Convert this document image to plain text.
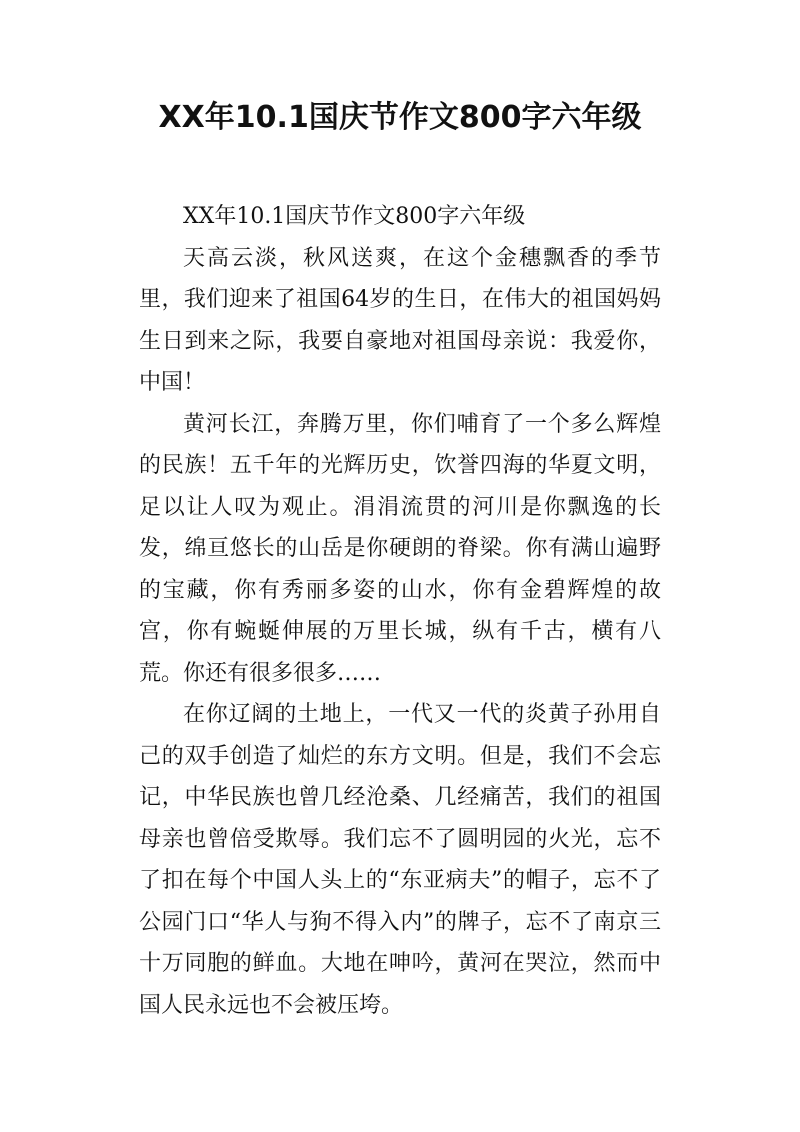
XX年10.1国庆节作文800字六年级

XX年10.1国庆节作文800字六年级

天高云淡，秋风送爽，在这个金穗飘香的季节里，我们迎来了祖国64岁的生日，在伟大的祖国妈妈生日到来之际，我要自豪地对祖国母亲说：我爱你，中国！

黄河长江，奔腾万里，你们哺育了一个多么辉煌的民族！五千年的光辉历史，饮誉四海的华夏文明，足以让人叹为观止。涓涓流贯的河川是你飘逸的长发，绵亘悠长的山岳是你硬朗的脊梁。你有满山遍野的宝藏，你有秀丽多姿的山水，你有金碧辉煌的故宫，你有蜿蜒伸展的万里长城，纵有千古，横有八荒。你还有很多很多……

在你辽阔的土地上，一代又一代的炎黄子孙用自己的双手创造了灿烂的东方文明。但是，我们不会忘记，中华民族也曾几经沧桑、几经痛苦，我们的祖国母亲也曾倍受欺辱。我们忘不了圆明园的火光，忘不了扣在每个中国人头上的“东亚病夫”的帽子，忘不了公园门口“华人与狗不得入内”的牌子，忘不了南京三十万同胞的鲜血。大地在呻吟，黄河在哭泣，然而中国人民永远也不会被压垮。
